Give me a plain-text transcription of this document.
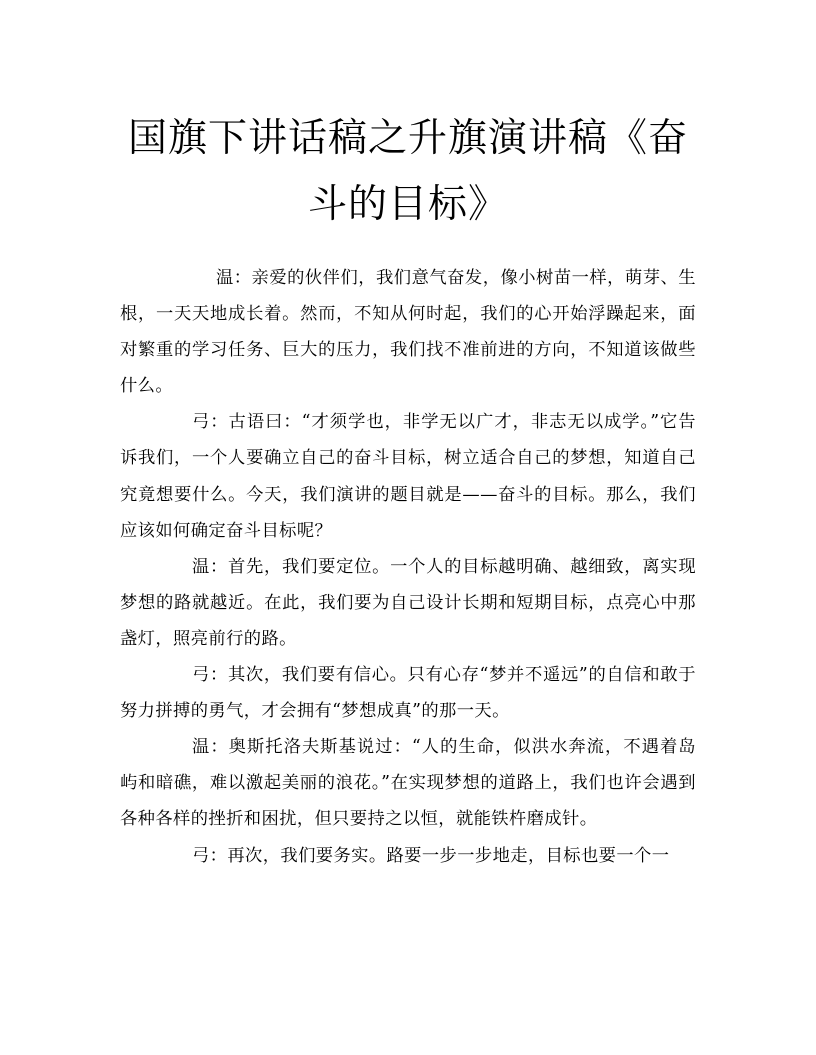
国旗下讲话稿之升旗演讲稿《奋斗的目标》

温：亲爱的伙伴们，我们意气奋发，像小树苗一样，萌芽、生根，一天天地成长着。然而，不知从何时起，我们的心开始浮躁起来，面对繁重的学习任务、巨大的压力，我们找不准前进的方向，不知道该做些什么。

弓：古语曰：“才须学也，非学无以广才，非志无以成学。”它告诉我们，一个人要确立自己的奋斗目标，树立适合自己的梦想，知道自己究竟想要什么。今天，我们演讲的题目就是——奋斗的目标。那么，我们应该如何确定奋斗目标呢？

温：首先，我们要定位。一个人的目标越明确、越细致，离实现梦想的路就越近。在此，我们要为自己设计长期和短期目标，点亮心中那盏灯，照亮前行的路。

弓：其次，我们要有信心。只有心存“梦并不遥远”的自信和敢于努力拼搏的勇气，才会拥有“梦想成真”的那一天。

温：奥斯托洛夫斯基说过：“人的生命，似洪水奔流，不遇着岛屿和暗礁，难以激起美丽的浪花。”在实现梦想的道路上，我们也许会遇到各种各样的挫折和困扰，但只要持之以恒，就能铁杵磨成针。

弓：再次，我们要务实。路要一步一步地走，目标也要一个一
